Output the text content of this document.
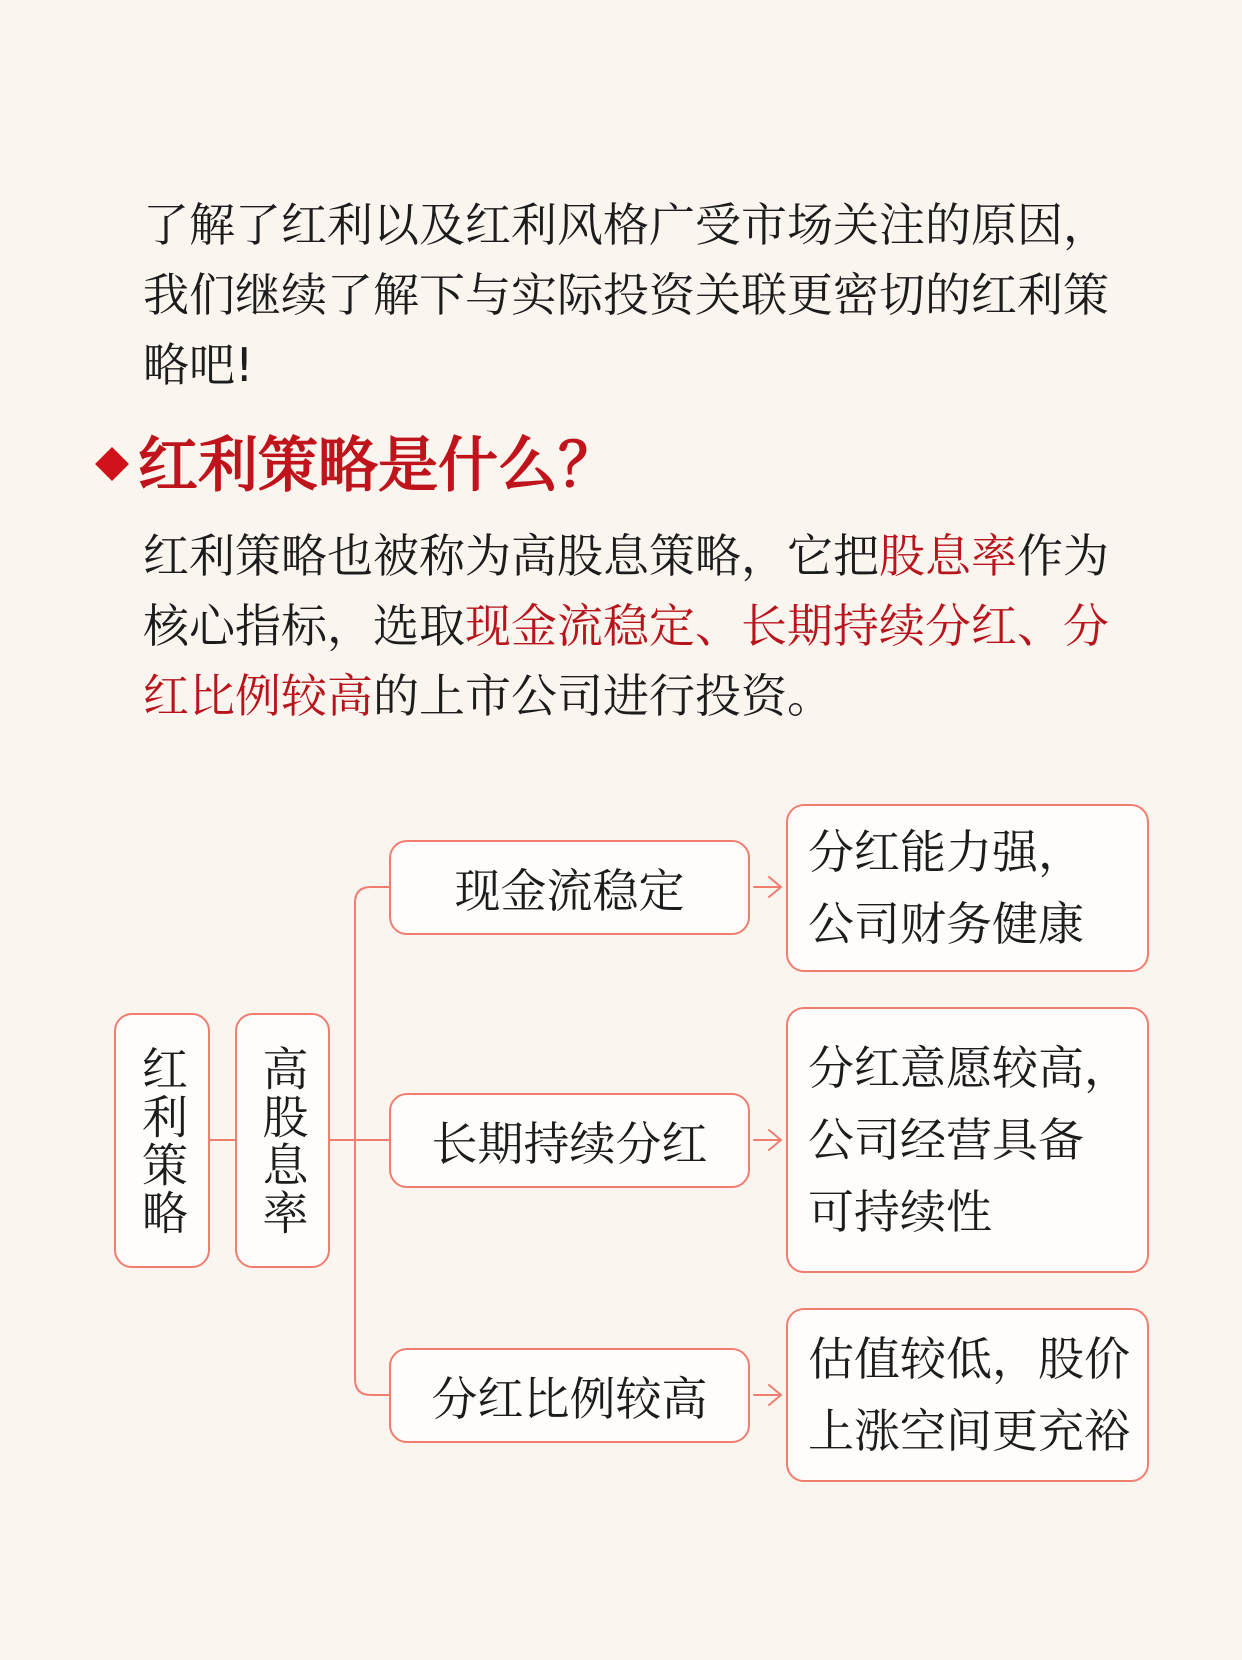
了解了红利以及红利风格广受市场关注的原因，
我们继续了解下与实际投资关联更密切的红利策
略吧!
红利策略是什么？
红利策略也被称为高股息策略，它把股息率作为
核心指标，选取现金流稳定、长期持续分红、分
红比例较高的上市公司进行投资。
红利策略 高股息率
现金流稳定
长期持续分红
分红比例较高
分红能力强，
公司财务健康
分红意愿较高，
公司经营具备
可持续性
估值较低，股价
上涨空间更充裕
